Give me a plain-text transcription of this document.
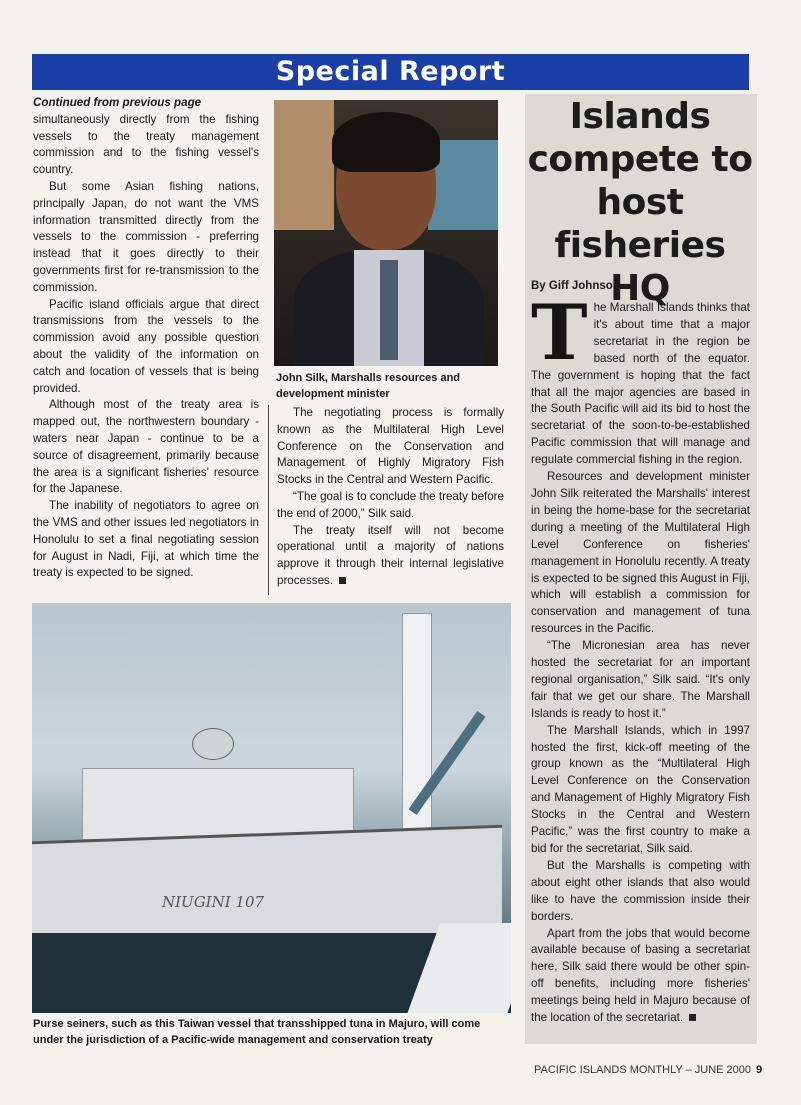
Special Report

Continued from previous page

simultaneously directly from the fishing vessels to the treaty management commission and to the fishing vessel's country.

But some Asian fishing nations, principally Japan, do not want the VMS information transmitted directly from the vessels to the commission - preferring instead that it goes directly to their governments first for re-transmission to the commission.

Pacific island officials argue that direct transmissions from the vessels to the commission avoid any possible question about the validity of the information on catch and location of vessels that is being provided.

Although most of the treaty area is mapped out, the northwestern boundary - waters near Japan - continue to be a source of disagreement, primarily because the area is a significant fisheries' resource for the Japanese.

The inability of negotiators to agree on the VMS and other issues led negotiators in Honolulu to set a final negotiating session for August in Nadi, Fiji, at which time the treaty is expected to be signed.

John Silk, Marshalls resources and development minister

The negotiating process is formally known as the Multilateral High Level Conference on the Conservation and Management of Highly Migratory Fish Stocks in the Central and Western Pacific.

“The goal is to conclude the treaty before the end of 2000,” Silk said.

The treaty itself will not become operational until a majority of nations approve it through their internal legislative processes.

Islands compete to host fisheries HQ
By Giff Johnson

The Marshall Islands thinks that it's about time that a major secretariat in the region be based north of the equator. The government is hoping that the fact that all the major agencies are based in the South Pacific will aid its bid to host the secretariat of the soon-to-be-established Pacific commission that will manage and regulate commercial fishing in the region.

Resources and development minister John Silk reiterated the Marshalls' interest in being the home-base for the secretariat during a meeting of the Multilateral High Level Conference on fisheries' management in Honolulu recently. A treaty is expected to be signed this August in Fiji, which will establish a commission for conservation and management of tuna resources in the Pacific.

“The Micronesian area has never hosted the secretariat for an important regional organisation,” Silk said. “It's only fair that we get our share. The Marshall Islands is ready to host it.”

The Marshall Islands, which in 1997 hosted the first, kick-off meeting of the group known as the “Multilateral High Level Conference on the Conservation and Management of Highly Migratory Fish Stocks in the Central and Western Pacific,” was the first country to make a bid for the secretariat, Silk said.

But the Marshalls is competing with about eight other islands that also would like to have the commission inside their borders.

Apart from the jobs that would become available because of basing a secretariat here, Silk said there would be other spin-off benefits, including more fisheries' meetings being held in Majuro because of the location of the secretariat.

NIUGINI 107
Purse seiners, such as this Taiwan vessel that transshipped tuna in Majuro, will come under the jurisdiction of a Pacific-wide management and conservation treaty
PACIFIC ISLANDS MONTHLY – JUNE 2000 9
